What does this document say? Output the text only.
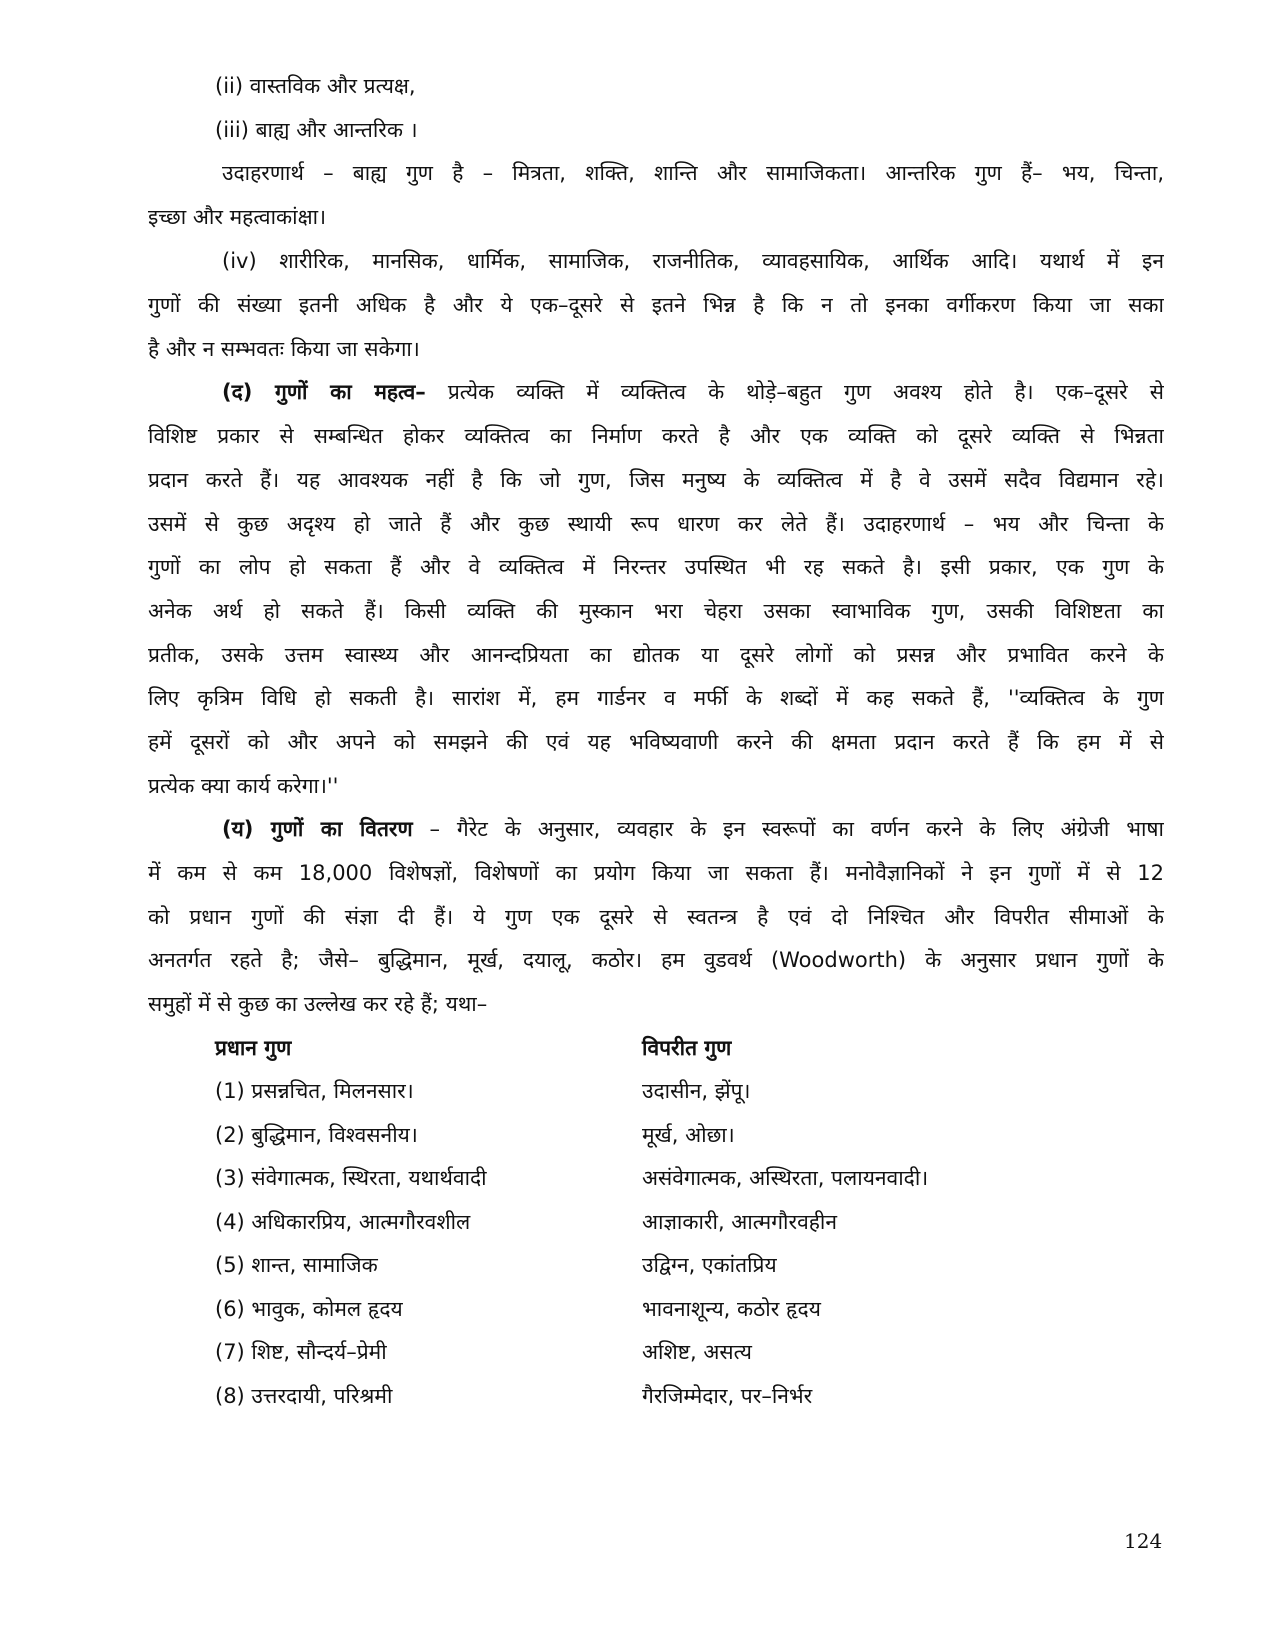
(ii) वास्तविक और प्रत्यक्ष,
(iii) बाह्य और आन्तरिक ।
उदाहरणार्थ – बाह्य गुण है – मित्रता, शक्ति, शान्ति और सामाजिकता। आन्तरिक गुण हैं– भय, चिन्ता,
इच्छा और महत्वाकांक्षा।
(iv) शारीरिक, मानसिक, धार्मिक, सामाजिक, राजनीतिक, व्यावहसायिक, आर्थिक आदि। यथार्थ में इन
गुणों की संख्या इतनी अधिक है और ये एक–दूसरे से इतने भिन्न है कि न तो इनका वर्गीकरण किया जा सका
है और न सम्भवतः किया जा सकेगा।
(द) गुणों का महत्व– प्रत्येक व्यक्ति में व्यक्तित्व के थोड़े–बहुत गुण अवश्य होते है। एक–दूसरे से
विशिष्ट प्रकार से सम्बन्धित होकर व्यक्तित्व का निर्माण करते है और एक व्यक्ति को दूसरे व्यक्ति से भिन्नता
प्रदान करते हैं। यह आवश्यक नहीं है कि जो गुण, जिस मनुष्य के व्यक्तित्व में है वे उसमें सदैव विद्यमान रहे।
उसमें से कुछ अदृश्य हो जाते हैं और कुछ स्थायी रूप धारण कर लेते हैं। उदाहरणार्थ – भय और चिन्ता के
गुणों का लोप हो सकता हैं और वे व्यक्तित्व में निरन्तर उपस्थित भी रह सकते है। इसी प्रकार, एक गुण के
अनेक अर्थ हो सकते हैं। किसी व्यक्ति की मुस्कान भरा चेहरा उसका स्वाभाविक गुण, उसकी विशिष्टता का
प्रतीक, उसके उत्तम स्वास्थ्य और आनन्दप्रियता का द्योतक या दूसरे लोगों को प्रसन्न और प्रभावित करने के
लिए कृत्रिम विधि हो सकती है। सारांश में, हम गार्डनर व मर्फी के शब्दों में कह सकते हैं, ''व्यक्तित्व के गुण
हमें दूसरों को और अपने को समझने की एवं यह भविष्यवाणी करने की क्षमता प्रदान करते हैं कि हम में से
प्रत्येक क्या कार्य करेगा।''
(य) गुणों का वितरण – गैरेट के अनुसार, व्यवहार के इन स्वरूपों का वर्णन करने के लिए अंग्रेजी भाषा
में कम से कम 18,000 विशेषज्ञों, विशेषणों का प्रयोग किया जा सकता हैं। मनोवैज्ञानिकों ने इन गुणों में से 12
को प्रधान गुणों की संज्ञा दी हैं। ये गुण एक दूसरे से स्वतन्त्र है एवं दो निश्चित और विपरीत सीमाओं के
अनतर्गत रहते है; जैसे– बुद्धिमान, मूर्ख, दयालू, कठोर। हम वुडवर्थ (Woodworth) के अनुसार प्रधान गुणों के
समुहों में से कुछ का उल्लेख कर रहे हैं; यथा–
प्रधान गुण	विपरीत गुण
(1) प्रसन्नचित, मिलनसार।	उदासीन, झेंपू।
(2) बुद्धिमान, विश्वसनीय।	मूर्ख, ओछा।
(3) संवेगात्मक, स्थिरता, यथार्थवादी	असंवेगात्मक, अस्थिरता, पलायनवादी।
(4) अधिकारप्रिय, आत्मगौरवशील	आज्ञाकारी, आत्मगौरवहीन
(5) शान्त, सामाजिक	उद्विग्न, एकांतप्रिय
(6) भावुक, कोमल हृदय	भावनाशून्य, कठोर हृदय
(7) शिष्ट, सौन्दर्य–प्रेमी	अशिष्ट, असत्य
(8) उत्तरदायी, परिश्रमी	गैरजिम्मेदार, पर–निर्भर
124
